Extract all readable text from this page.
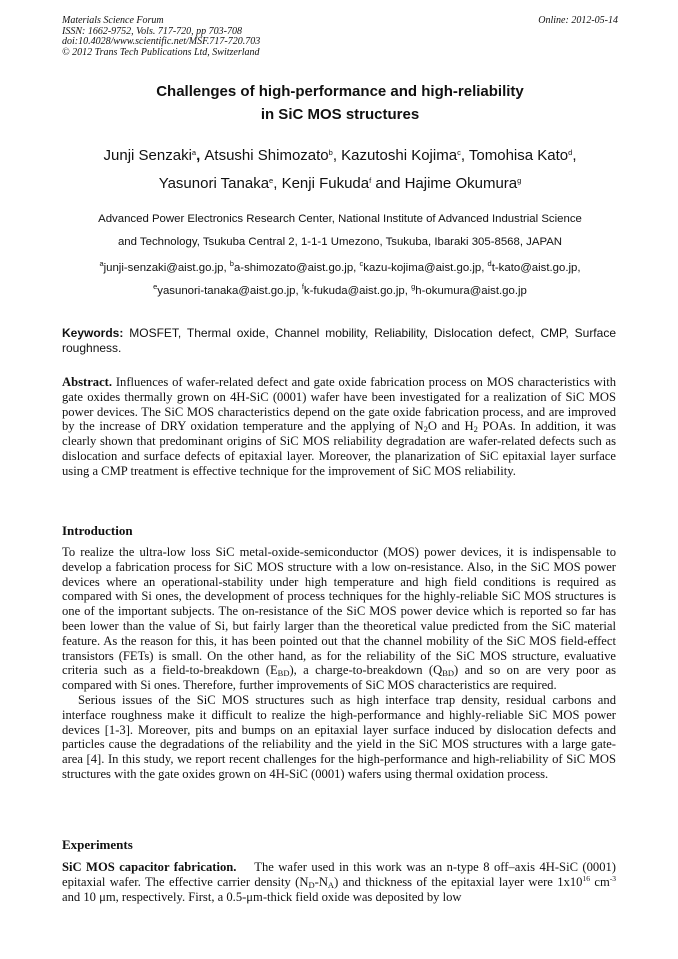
Materials Science Forum
ISSN: 1662-9752, Vols. 717-720, pp 703-708
doi:10.4028/www.scientific.net/MSF.717-720.703
© 2012 Trans Tech Publications Ltd, Switzerland
Online: 2012-05-14
Challenges of high-performance and high-reliability
in SiC MOS structures
Junji Senzaki$^a$, Atsushi Shimozato$^b$, Kazutoshi Kojima$^c$, Tomohisa Kato$^d$,
Yasunori Tanaka$^e$, Kenji Fukuda$^f$ and Hajime Okumura$^g$
Advanced Power Electronics Research Center, National Institute of Advanced Industrial Science
and Technology, Tsukuba Central 2, 1-1-1 Umezono, Tsukuba, Ibaraki 305-8568, JAPAN
$^a$junji-senzaki@aist.go.jp, $^b$a-shimozato@aist.go.jp, $^c$kazu-kojima@aist.go.jp, $^d$t-kato@aist.go.jp,
$^e$yasunori-tanaka@aist.go.jp, $^f$k-fukuda@aist.go.jp, $^g$h-okumura@aist.go.jp
Keywords: MOSFET, Thermal oxide, Channel mobility, Reliability, Dislocation defect, CMP, Surface roughness.
Abstract. Influences of wafer-related defect and gate oxide fabrication process on MOS characteristics with gate oxides thermally grown on 4H-SiC (0001) wafer have been investigated for a realization of SiC MOS power devices. The SiC MOS characteristics depend on the gate oxide fabrication process, and are improved by the increase of DRY oxidation temperature and the applying of $N_2O$ and $H_2$ POAs. In addition, it was clearly shown that predominant origins of SiC MOS reliability degradation are wafer-related defects such as dislocation and surface defects of epitaxial layer. Moreover, the planarization of SiC epitaxial layer surface using a CMP treatment is effective technique for the improvement of SiC MOS reliability.
Introduction
To realize the ultra-low loss SiC metal-oxide-semiconductor (MOS) power devices, it is indispensable to develop a fabrication process for SiC MOS structure with a low on-resistance. Also, in the SiC MOS power devices where an operational-stability under high temperature and high field conditions is required as compared with Si ones, the development of process techniques for the highly-reliable SiC MOS structures is one of the important subjects. The on-resistance of the SiC MOS power device which is reported so far has been lower than the value of Si, but fairly larger than the theoretical value predicted from the SiC material feature. As the reason for this, it has been pointed out that the channel mobility of the SiC MOS field-effect transistors (FETs) is small. On the other hand, as for the reliability of the SiC MOS structure, evaluative criteria such as a field-to-breakdown $(E_{BD})$, a charge-to-breakdown $(Q_{BD})$ and so on are very poor as compared with Si ones. Therefore, further improvements of SiC MOS characteristics are required.
Serious issues of the SiC MOS structures such as high interface trap density, residual carbons and interface roughness make it difficult to realize the high-performance and highly-reliable SiC MOS power devices [1-3]. Moreover, pits and bumps on an epitaxial layer surface induced by dislocation defects and particles cause the degradations of the reliability and the yield in the SiC MOS structures with a large gate-area [4]. In this study, we report recent challenges for the high-performance and high-reliability of SiC MOS structures with the gate oxides grown on 4H-SiC (0001) wafers using thermal oxidation process.
Experiments
SiC MOS capacitor fabrication. The wafer used in this work was an n-type 8 off–axis 4H-SiC (0001) epitaxial wafer. The effective carrier density $(N_D-N_A)$ and thickness of the epitaxial layer were $1x10^{16}$ $cm^{-3}$ and 10 μm, respectively. First, a 0.5-μm-thick field oxide was deposited by low
